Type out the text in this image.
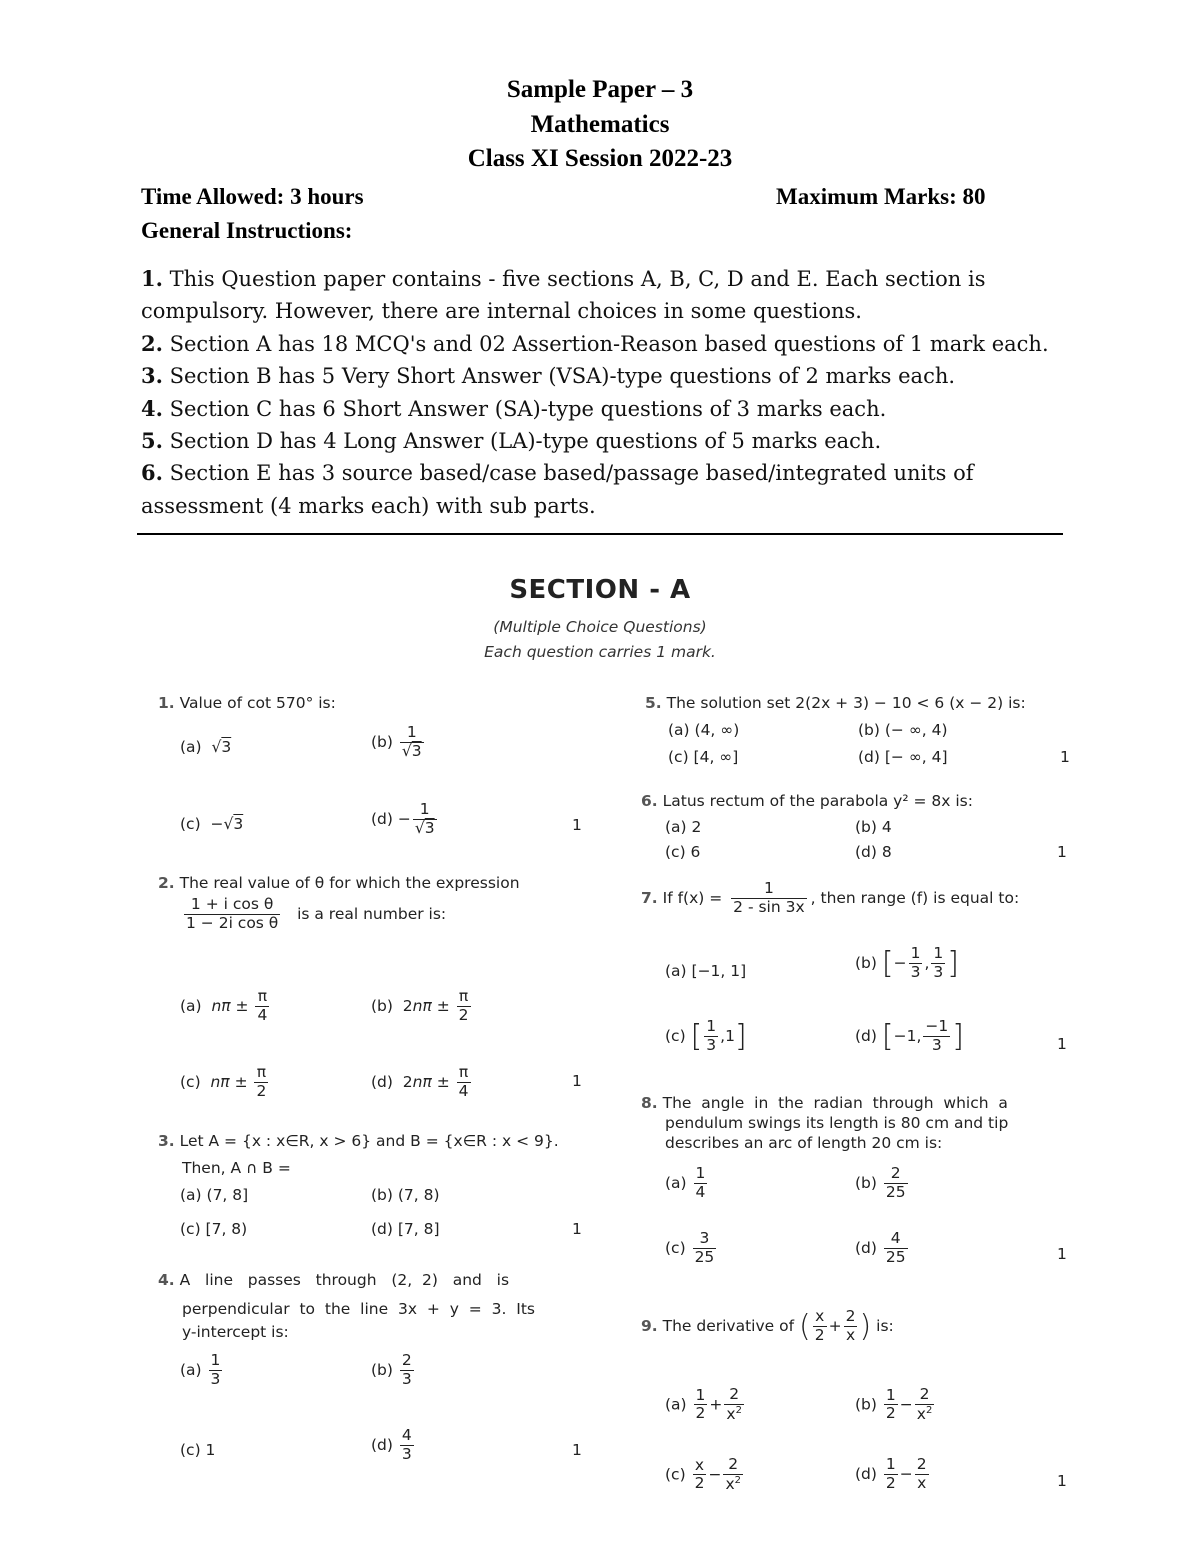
Sample Paper – 3
Mathematics
Class XI Session 2022-23
Time Allowed: 3 hours	Maximum Marks: 80
General Instructions:

1. This Question paper contains - five sections A, B, C, D and E. Each section is compulsory. However, there are internal choices in some questions.

2. Section A has 18 MCQ's and 02 Assertion-Reason based questions of 1 mark each.

3. Section B has 5 Very Short Answer (VSA)-type questions of 2 marks each.

4. Section C has 6 Short Answer (SA)-type questions of 3 marks each.

5. Section D has 4 Long Answer (LA)-type questions of 5 marks each.

6. Section E has 3 source based/case based/passage based/integrated units of assessment (4 marks each) with sub parts.

SECTION - A
(Multiple Choice Questions)
Each question carries 1 mark.
1. Value of cot 570° is:
(a)  √3	$(b) \frac{1}{√3}$
(c)  −√3	$(d) - \frac{1}{√3}$	1
2. The real value of θ for which the expression
$\frac{\text{1 + i cos θ}}{\text{1 − 2i cos θ}}$ is a real number is:
(a) $n\pi \pm \frac{\pi}{4}$	(b)  $2n\pi \pm \frac{\pi}{2}$
(c) $n\pi \pm \frac{\pi}{2}$	(d)  $2n\pi \pm \frac{\pi}{4}$	1
3. Let A = {x : x∈R, x > 6} and B = {x∈R : x < 9}.
Then, A ∩ B =
(a) (7, 8]	(b) (7, 8)
(c) [7, 8)	(d) [7, 8]	1
4. A   line   passes   through   (2,  2)   and   is
perpendicular  to  the  line  3x  +  y  =  3.  Its
y-intercept is:
$(a) \frac{1}{3}$	$(b) \frac{2}{3}$
(c) 1	$(d) \frac{4}{3}$	1
5. The solution set 2(2x + 3) − 10 < 6 (x − 2) is:
(a) (4, ∞)	(b) (− ∞, 4)
(c) [4, ∞]	(d) [− ∞, 4]	1
6. Latus rectum of the parabola y² = 8x is:
(a) 2	(b) 4
(c) 6	(d) 8	1
7. If $f(x) = \frac{1}{2 - \sin 3x}$ , then range (f) is equal to:
(a) [−1, 1]	(b) [− $\frac{1}{3}$ , $\frac{1}{3}$ ]
(c) [ $\frac{1}{3} ,1$]	(d) [−1, $\frac{-1}{3}$ ]	1
8. The  angle  in  the  radian  through  which  a
pendulum swings its length is 80 cm and tip
describes an arc of length 20 cm is:
$(a) \frac{1}{4}$	$(b) \frac{2}{25}$
$(c) \frac{3}{25}$	$(d) \frac{4}{25}$	1
9. The derivative of ( $\frac{x}{2} + \frac{2}{x}$ ) is:
$(a) \frac{1}{2} + \frac{2}{x^2}$	$(b) \frac{1}{2} - \frac{2}{x^2}$
$(c) \frac{x}{2} - \frac{2}{x^2}$	$(d) \frac{1}{2} - \frac{2}{x}$	1
